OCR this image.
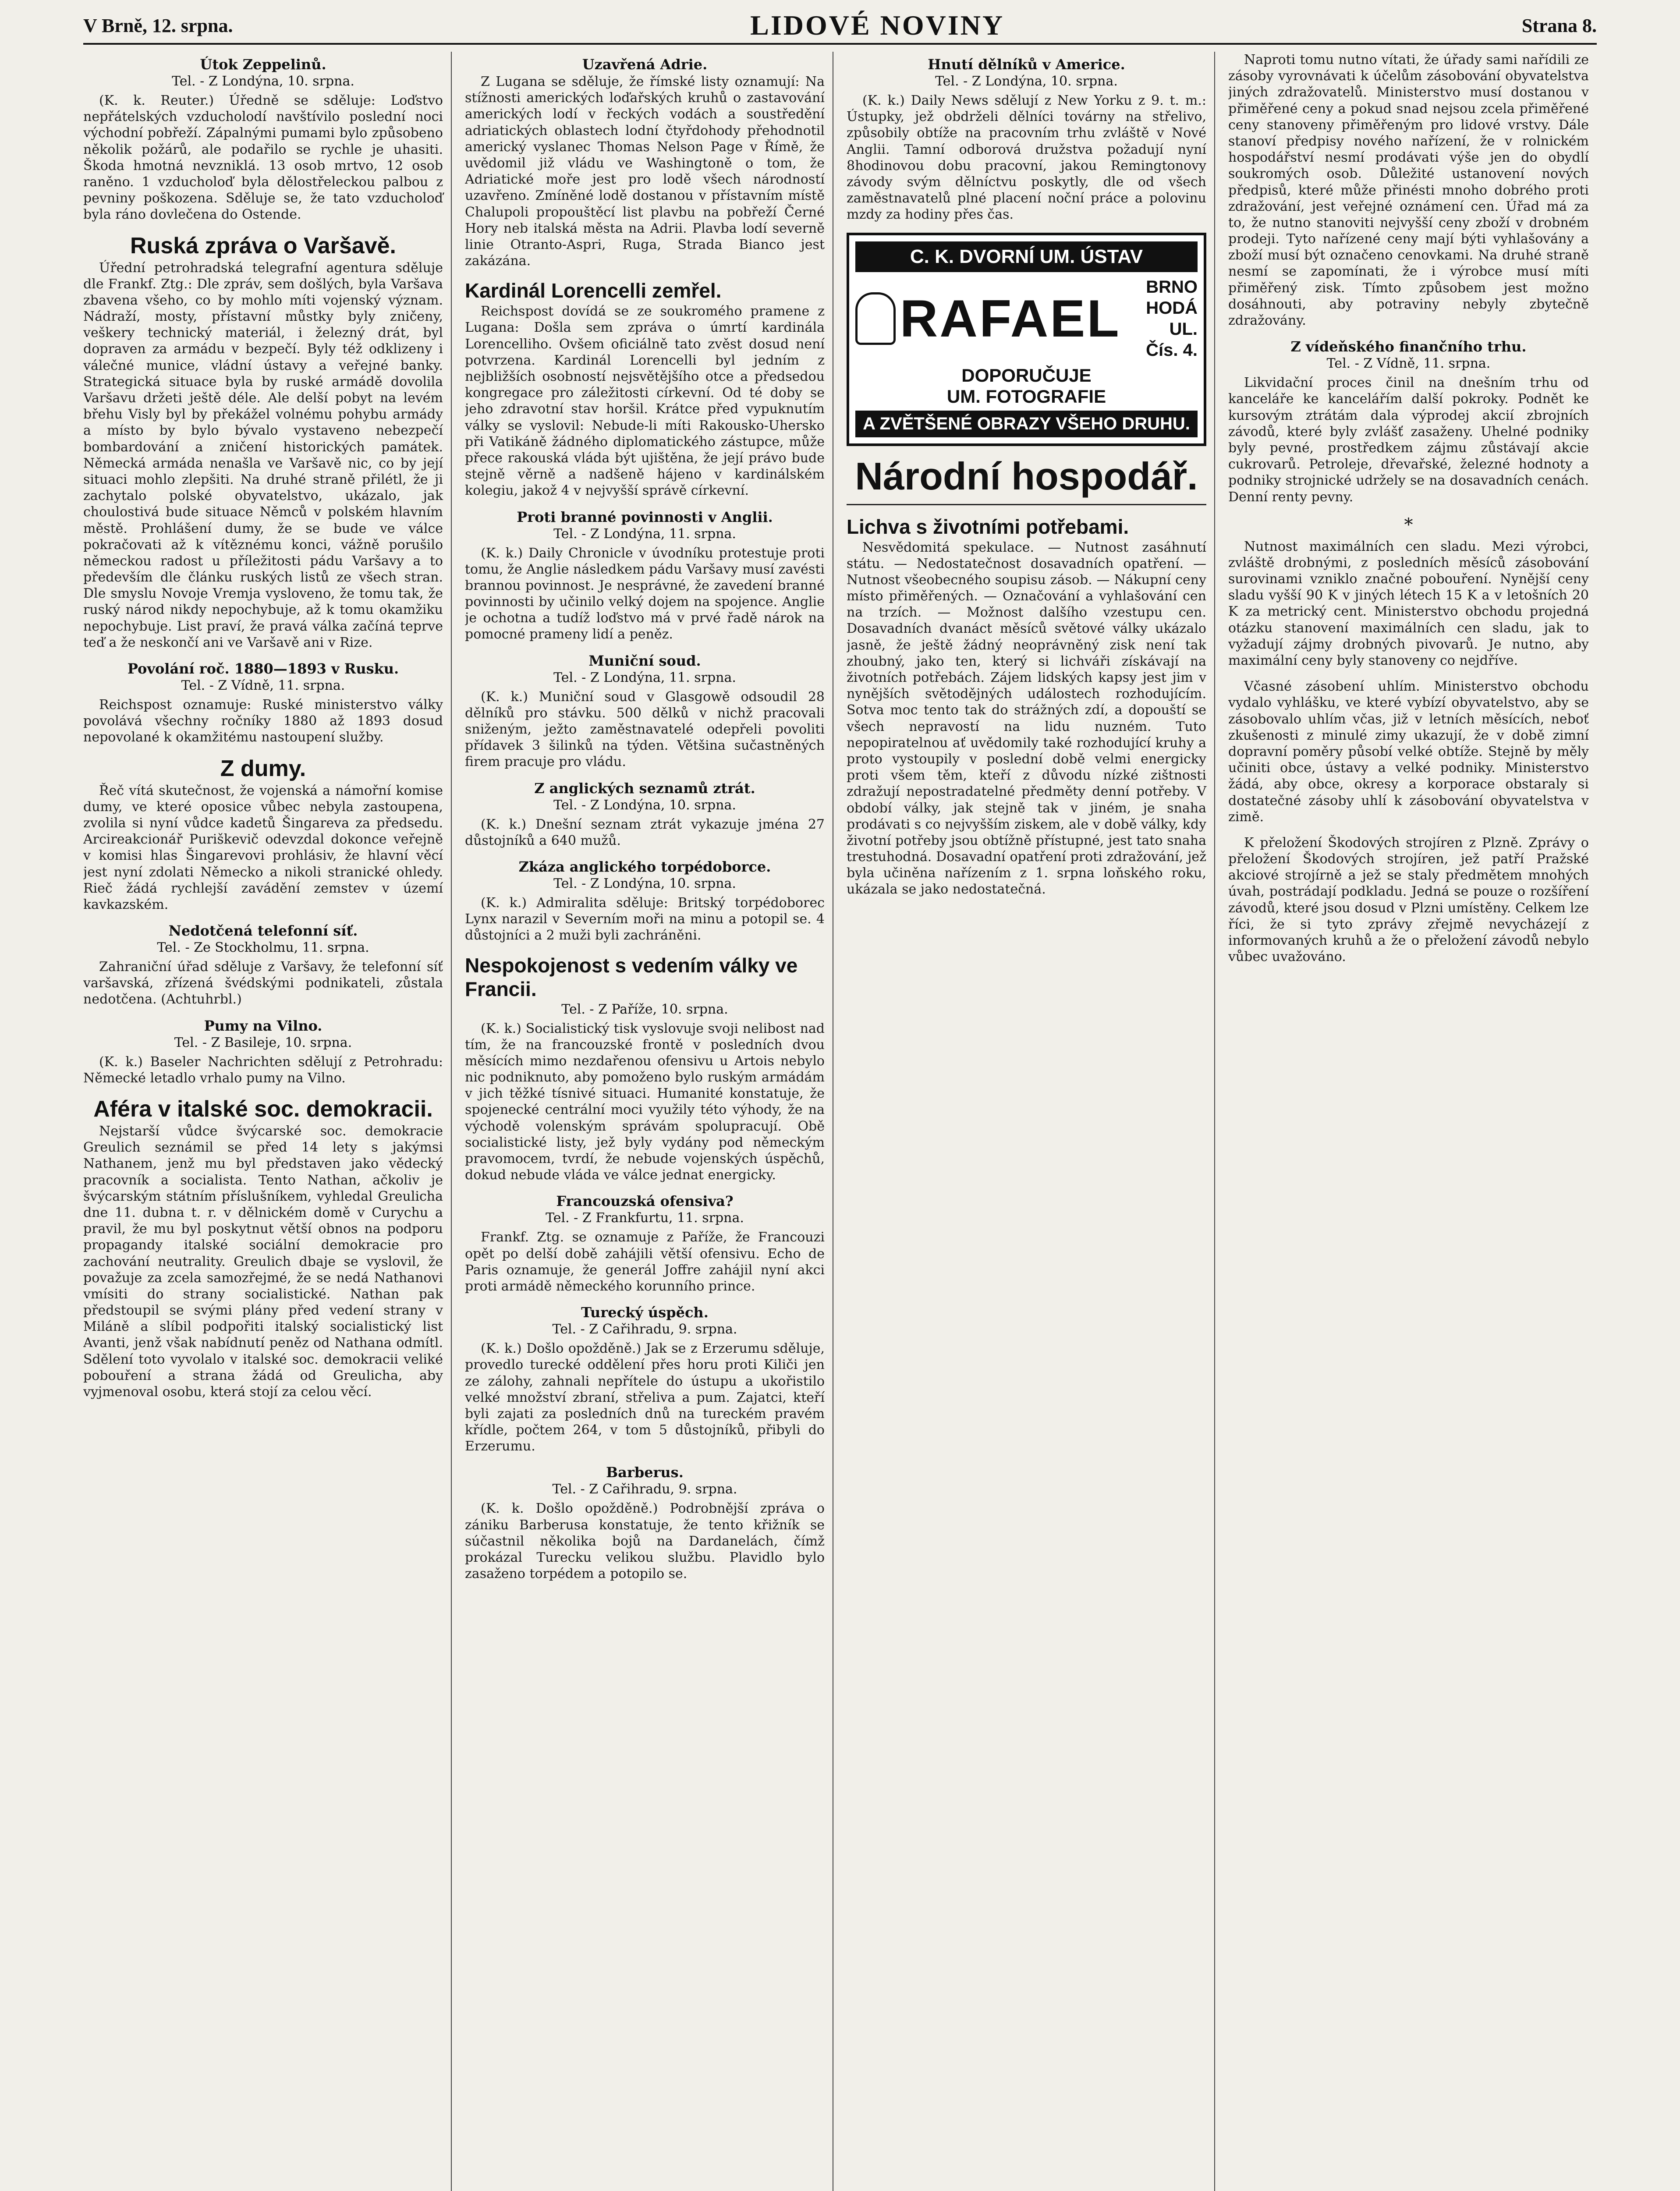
V Brně, 12. srpna.	LIDOVÉ NOVINY	Strana 8.
Útok Zeppelinů.
Tel. - Z Londýna, 10. srpna.

(K. k. Reuter.) Úředně se sděluje: Loďstvo nepřátelských vzducholodí navštívilo poslední noci východní pobřeží. Zápalnými pumami bylo způsobeno několik požárů, ale podařilo se rychle je uhasiti. Škoda hmotná nevzniklá. 13 osob mrtvo, 12 osob raněno. 1 vzducholoď byla dělostřeleckou palbou z pevniny poškozena. Sděluje se, že tato vzducholoď byla ráno dovlečena do Ostende.

Ruská zpráva o Varšavě.

Úřední petrohradská telegrafní agentura sděluje dle Frankf. Ztg.: Dle zpráv, sem došlých, byla Varšava zbavena všeho, co by mohlo míti vojenský význam. Nádraží, mosty, přístavní můstky byly zničeny, veškery technický materiál, i železný drát, byl dopraven za armádu v bezpečí. Byly též odklizeny i válečné munice, vládní ústavy a veřejné banky. Strategická situace byla by ruské armádě dovolila Varšavu držeti ještě déle. Ale delší pobyt na levém břehu Visly byl by překážel volnému pohybu armády a místo by bylo bývalo vystaveno nebezpečí bombardování a zničení historických památek. Německá armáda nenašla ve Varšavě nic, co by její situaci mohlo zlepšiti. Na druhé straně přilétl, že ji zachytalo polské obyvatelstvo, ukázalo, jak choulostivá bude situace Němců v polském hlavním městě. Prohlášení dumy, že se bude ve válce pokračovati až k vítěznému konci, vážně porušilo německou radost u příležitosti pádu Varšavy a to především dle článku ruských listů ze všech stran. Dle smyslu Novoje Vremja vysloveno, že tomu tak, že ruský národ nikdy nepochybuje, až k tomu okamžiku nepochybuje. List praví, že pravá válka začíná teprve teď a že neskončí ani ve Varšavě ani v Rize.

Povolání roč. 1880—1893 v Rusku.
Tel. - Z Vídně, 11. srpna.

Reichspost oznamuje: Ruské ministerstvo války povolává všechny ročníky 1880 až 1893 dosud nepovolané k okamžitému nastoupení služby.

Z dumy.

Řeč vítá skutečnost, že vojenská a námořní komise dumy, ve které oposice vůbec nebyla zastoupena, zvolila si nyní vůdce kadetů Šingareva za předsedu. Arcireakcionář Puriškevič odevzdal dokonce veřejně v komisi hlas Šingarevovi prohlásiv, že hlavní věcí jest nyní zdolati Německo a nikoli stranické ohledy. Rieč žádá rychlejší zavádění zemstev v území kavkazském.

Nedotčená telefonní síť.
Tel. - Ze Stockholmu, 11. srpna.

Zahraniční úřad sděluje z Varšavy, že telefonní síť varšavská, zřízená švédskými podnikateli, zůstala nedotčena. (Achtuhrbl.)

Pumy na Vilno.
Tel. - Z Basileje, 10. srpna.

(K. k.) Baseler Nachrichten sdělují z Petrohradu: Německé letadlo vrhalo pumy na Vilno.

Aféra v italské soc. demokracii.

Nejstarší vůdce švýcarské soc. demokracie Greulich seznámil se před 14 lety s jakýmsi Nathanem, jenž mu byl představen jako vědecký pracovník a socialista. Tento Nathan, ačkoliv je švýcarským státním příslušníkem, vyhledal Greulicha dne 11. dubna t. r. v dělnickém domě v Curychu a pravil, že mu byl poskytnut větší obnos na podporu propagandy italské sociální demokracie pro zachování neutrality. Greulich dbaje se vyslovil, že považuje za zcela samozřejmé, že se nedá Nathanovi vmísiti do strany socialistické. Nathan pak předstoupil se svými plány před vedení strany v Miláně a slíbil podpořiti italský socialistický list Avanti, jenž však nabídnutí peněz od Nathana odmítl. Sdělení toto vyvolalo v italské soc. demokracii veliké pobouření a strana žádá od Greulicha, aby vyjmenoval osobu, která stojí za celou věcí.

Uzavřená Adrie.

Z Lugana se sděluje, že římské listy oznamují: Na stížnosti amerických loďařských kruhů o zastavování amerických lodí v řeckých vodách a soustředění adriatických oblastech lodní čtyřdohody přehodnotil americký vyslanec Thomas Nelson Page v Římě, že uvědomil již vládu ve Washingtoně o tom, že Adriatické moře jest pro lodě všech národností uzavřeno. Zmíněné lodě dostanou v přístavním místě Chalupoli propouštěcí list plavbu na pobřeží Černé Hory neb italská města na Adrii. Plavba lodí severně linie Otranto-Aspri, Ruga, Strada Bianco jest zakázána.

Kardinál Lorencelli zemřel.

Reichspost dovídá se ze soukromého pramene z Lugana: Došla sem zpráva o úmrtí kardinála Lorencelliho. Ovšem oficiálně tato zvěst dosud není potvrzena. Kardinál Lorencelli byl jedním z nejbližších osobností nejsvětějšího otce a předsedou kongregace pro záležitosti církevní. Od té doby se jeho zdravotní stav horšil. Krátce před vypuknutím války se vyslovil: Nebude-li míti Rakousko-Uhersko při Vatikáně žádného diplomatického zástupce, může přece rakouská vláda být ujištěna, že její právo bude stejně věrně a nadšeně hájeno v kardinálském kolegiu, jakož 4 v nejvyšší správě církevní.

Proti branné povinnosti v Anglii.
Tel. - Z Londýna, 11. srpna.

(K. k.) Daily Chronicle v úvodníku protestuje proti tomu, že Anglie následkem pádu Varšavy musí zavésti brannou povinnost. Je nesprávné, že zavedení branné povinnosti by učinilo velký dojem na spojence. Anglie je ochotna a tudíž loďstvo má v prvé řadě nárok na pomocné prameny lidí a peněz.

Muniční soud.
Tel. - Z Londýna, 11. srpna.

(K. k.) Muniční soud v Glasgowě odsoudil 28 dělníků pro stávku. 500 dělků v nichž pracovali sniženým, ježto zaměstnavatelé odepřeli povoliti přídavek 3 šilinků na týden. Většina sučastněných firem pracuje pro vládu.

Z anglických seznamů ztrát.
Tel. - Z Londýna, 10. srpna.

(K. k.) Dnešní seznam ztrát vykazuje jména 27 důstojníků a 640 mužů.

Zkáza anglického torpédoborce.
Tel. - Z Londýna, 10. srpna.

(K. k.) Admiralita sděluje: Britský torpédoborec Lynx narazil v Severním moři na minu a potopil se. 4 důstojníci a 2 muži byli zachráněni.

Nespokojenost s vedením války ve Francii.
Tel. - Z Paříže, 10. srpna.

(K. k.) Socialistický tisk vyslovuje svoji nelibost nad tím, že na francouzské frontě v posledních dvou měsících mimo nezdařenou ofensivu u Artois nebylo nic podniknuto, aby pomoženo bylo ruským armádám v jich těžké tísnivé situaci. Humanité konstatuje, že spojenecké centrální moci využily této výhody, že na východě volenským správám spolupracují. Obě socialistické listy, jež byly vydány pod německým pravomocem, tvrdí, že nebude vojenských úspěchů, dokud nebude vláda ve válce jednat energicky.

Francouzská ofensiva?
Tel. - Z Frankfurtu, 11. srpna.

Frankf. Ztg. se oznamuje z Paříže, že Francouzi opět po delší době zahájili větší ofensivu. Echo de Paris oznamuje, že generál Joffre zahájil nyní akci proti armádě německého korunního prince.

Turecký úspěch.
Tel. - Z Cařihradu, 9. srpna.

(K. k.) Došlo opožděně.) Jak se z Erzerumu sděluje, provedlo turecké oddělení přes horu proti Kiliči jen ze zálohy, zahnali nepřítele do ústupu a ukořistilo velké množství zbraní, střeliva a pum. Zajatci, kteří byli zajati za posledních dnů na tureckém pravém křídle, počtem 264, v tom 5 důstojníků, přibyli do Erzerumu.

Barberus.
Tel. - Z Cařihradu, 9. srpna.

(K. k. Došlo opožděně.) Podrobnější zpráva o zániku Barberusa konstatuje, že tento křižník se súčastnil několika bojů na Dardanelách, čímž prokázal Turecku velikou službu. Plavidlo bylo zasaženo torpédem a potopilo se.

Hnutí dělníků v Americe.
Tel. - Z Londýna, 10. srpna.

(K. k.) Daily News sdělují z New Yorku z 9. t. m.: Ústupky, jež obdrželi dělníci továrny na střelivo, způsobily obtíže na pracovním trhu zvláště v Nové Anglii. Tamní odborová družstva požadují nyní 8hodinovou dobu pracovní, jakou Remingtonovy závody svým dělníctvu poskytly, dle od všech zaměstnavatelů plné placení noční práce a polovinu mzdy za hodiny přes čas.

C. K. DVORNÍ UM. ÚSTAV
RAFAEL
BRNO
HODÁ UL.
Čís. 4.
DOPORUČUJE
UM. FOTOGRAFIE
A ZVĚTŠENÉ OBRAZY VŠEHO DRUHU.
Národní hospodář.
Lichva s životními potřebami.

Nesvědomitá spekulace. — Nutnost zasáhnutí státu. — Nedostatečnost dosavadních opatření. — Nutnost všeobecného soupisu zásob. — Nákupní ceny místo přiměřených. — Označování a vyhlašování cen na trzích. — Možnost dalšího vzestupu cen. Dosavadních dvanáct měsíců světové války ukázalo jasně, že ještě žádný neoprávněný zisk není tak zhoubný, jako ten, který si lichváři získávají na životních potřebách. Zájem lidských kapsy jest jim v nynějších světodějných událostech rozhodujícím. Sotva moc tento tak do strážných zdí, a dopouští se všech nepravostí na lidu nuzném. Tuto nepopiratelnou ať uvědomily také rozhodující kruhy a proto vystoupily v poslední době velmi energicky proti všem těm, kteří z důvodu nízké zištnosti zdražují nepostradatelné předměty denní potřeby. V období války, jak stejně tak v jiném, je snaha prodávati s co nejvyšším ziskem, ale v době války, kdy životní potřeby jsou obtížně přístupné, jest tato snaha trestuhodná. Dosavadní opatření proti zdražování, jež byla učiněna nařízením z 1. srpna loňského roku, ukázala se jako nedostatečná.

Naproti tomu nutno vítati, že úřady sami nařídili ze zásoby vyrovnávati k účelům zásobování obyvatelstva jiných zdražovatelů. Ministerstvo musí dostanou v přiměřené ceny a pokud snad nejsou zcela přiměřené ceny stanoveny přiměřeným pro lidové vrstvy. Dále stanoví předpisy nového nařízení, že v rolnickém hospodářství nesmí prodávati výše jen do obydlí soukromých osob. Důležité ustanovení nových předpisů, které může přinésti mnoho dobrého proti zdražování, jest veřejné oznámení cen. Úřad má za to, že nutno stanoviti nejvyšší ceny zboží v drobném prodeji. Tyto nařízené ceny mají býti vyhlašovány a zboží musí být označeno cenovkami. Na druhé straně nesmí se zapomínati, že i výrobce musí míti přiměřený zisk. Tímto způsobem jest možno dosáhnouti, aby potraviny nebyly zbytečně zdražovány.

Z vídeňského finančního trhu.
Tel. - Z Vídně, 11. srpna.

Likvidační proces činil na dnešním trhu od kanceláře ke kancelářím další pokroky. Podnět ke kursovým ztrátám dala výprodej akcií zbrojních závodů, které byly zvlášť zasaženy. Uhelné podniky byly pevné, prostředkem zájmu zůstávají akcie cukrovarů. Petroleje, dřevařské, železné hodnoty a podniky strojnické udržely se na dosavadních cenách. Denní renty pevny.

*

Nutnost maximálních cen sladu. Mezi výrobci, zvláště drobnými, z posledních měsíců zásobování surovinami vzniklo značné pobouření. Nynější ceny sladu vyšší 90 K v jiných létech 15 K a v letošních 20 K za metrický cent. Ministerstvo obchodu projedná otázku stanovení maximálních cen sladu, jak to vyžadují zájmy drobných pivovarů. Je nutno, aby maximální ceny byly stanoveny co nejdříve.

Včasné zásobení uhlím. Ministerstvo obchodu vydalo vyhlášku, ve které vybízí obyvatelstvo, aby se zásobovalo uhlím včas, již v letních měsících, neboť zkušenosti z minulé zimy ukazují, že v době zimní dopravní poměry působí velké obtíže. Stejně by měly učiniti obce, ústavy a velké podniky. Ministerstvo žádá, aby obce, okresy a korporace obstaraly si dostatečné zásoby uhlí k zásobování obyvatelstva v zimě.

K přeložení Škodových strojíren z Plzně. Zprávy o přeložení Škodových strojíren, jež patří Pražské akciové strojírně a jež se staly předmětem mnohých úvah, postrádají podkladu. Jedná se pouze o rozšíření závodů, které jsou dosud v Plzni umístěny. Celkem lze říci, že si tyto zprávy zřejmě nevycházejí z informovaných kruhů a že o přeložení závodů nebylo vůbec uvažováno.
